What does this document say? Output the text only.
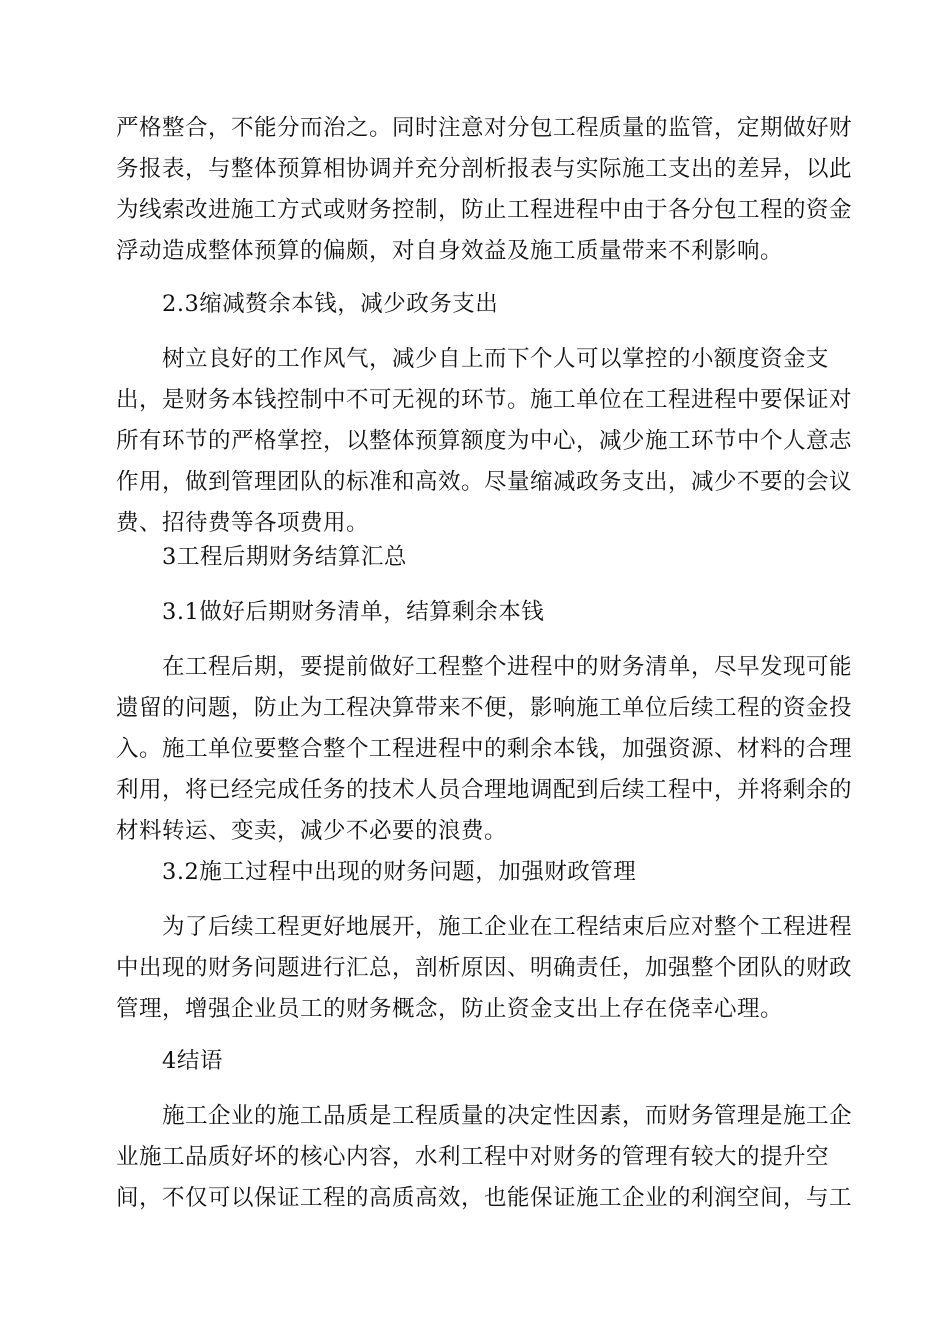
严格整合，不能分而治之。同时注意对分包工程质量的监管，定期做好财
务报表，与整体预算相协调并充分剖析报表与实际施工支出的差异，以此
为线索改进施工方式或财务控制，防止工程进程中由于各分包工程的资金
浮动造成整体预算的偏颇，对自身效益及施工质量带来不利影响。
2.3缩减赘余本钱，减少政务支出
树立良好的工作风气，减少自上而下个人可以掌控的小额度资金支
出，是财务本钱控制中不可无视的环节。施工单位在工程进程中要保证对
所有环节的严格掌控，以整体预算额度为中心，减少施工环节中个人意志
作用，做到管理团队的标准和高效。尽量缩减政务支出，减少不要的会议
费、招待费等各项费用。
3工程后期财务结算汇总
3.1做好后期财务清单，结算剩余本钱
在工程后期，要提前做好工程整个进程中的财务清单，尽早发现可能
遗留的问题，防止为工程决算带来不便，影响施工单位后续工程的资金投
入。施工单位要整合整个工程进程中的剩余本钱，加强资源、材料的合理
利用，将已经完成任务的技术人员合理地调配到后续工程中，并将剩余的
材料转运、变卖，减少不必要的浪费。
3.2施工过程中出现的财务问题，加强财政管理
为了后续工程更好地展开，施工企业在工程结束后应对整个工程进程
中出现的财务问题进行汇总，剖析原因、明确责任，加强整个团队的财政
管理，增强企业员工的财务概念，防止资金支出上存在侥幸心理。
4结语
施工企业的施工品质是工程质量的决定性因素，而财务管理是施工企
业施工品质好坏的核心内容，水利工程中对财务的管理有较大的提升空
间，不仅可以保证工程的高质高效，也能保证施工企业的利润空间，与工
